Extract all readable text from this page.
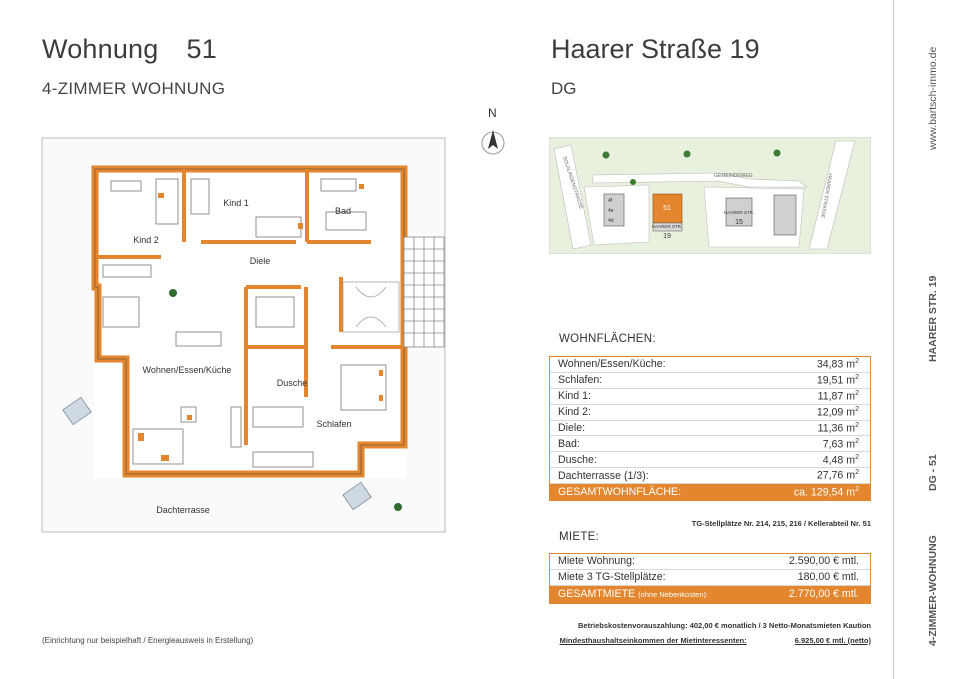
Wohnung 51
4-ZIMMER WOHNUNG
Haarer Straße 19
DG	www.bartsch-immo.de
HAARER STR. 19
DG - 51
4-ZIMMER-WOHNUNG
N
Kind 2
Kind 1
Bad
Diele
Wohnen/Essen/Küche
Dusche
Schlafen
Dachterrasse
(Einrichtung nur beispielhaft / Energieausweis in Erstellung)
SOLALINDENSTRASSE	GEMEINDEWEG	HAARER STRASSE
4f
4e
4d
51
HAARER STR.
19
HAARER STR.
15
WOHNFLÄCHEN:
Wohnen/Essen/Küche:	34,83 $m^2$
Schlafen:	19,51 $m^2$
Kind 1:	11,87 $m^2$
Kind 2:	12,09 $m^2$
Diele:	11,36 $m^2$
Bad:	7,63 $m^2$
Dusche:	4,48 $m^2$
Dachterrasse (1/3):	27,76 $m^2$
GESAMTWOHNFLÄCHE:	ca. 129,54 $m^2$
TG-Stellplätze Nr. 214, 215, 216 / Kellerabteil Nr. 51
MIETE:
Miete Wohnung:	2.590,00 € mtl.
Miete 3 TG-Stellplätze:	180,00 € mtl.
GESAMTMIETE (ohne Nebenkosten):	2.770,00 € mtl.
Betriebskostenvorauszahlung: 402,00 € monatlich / 3 Netto-Monatsmieten Kaution
Mindesthaushaltseinkommen der Mietinteressenten:	6.925,00 € mtl. (netto)
